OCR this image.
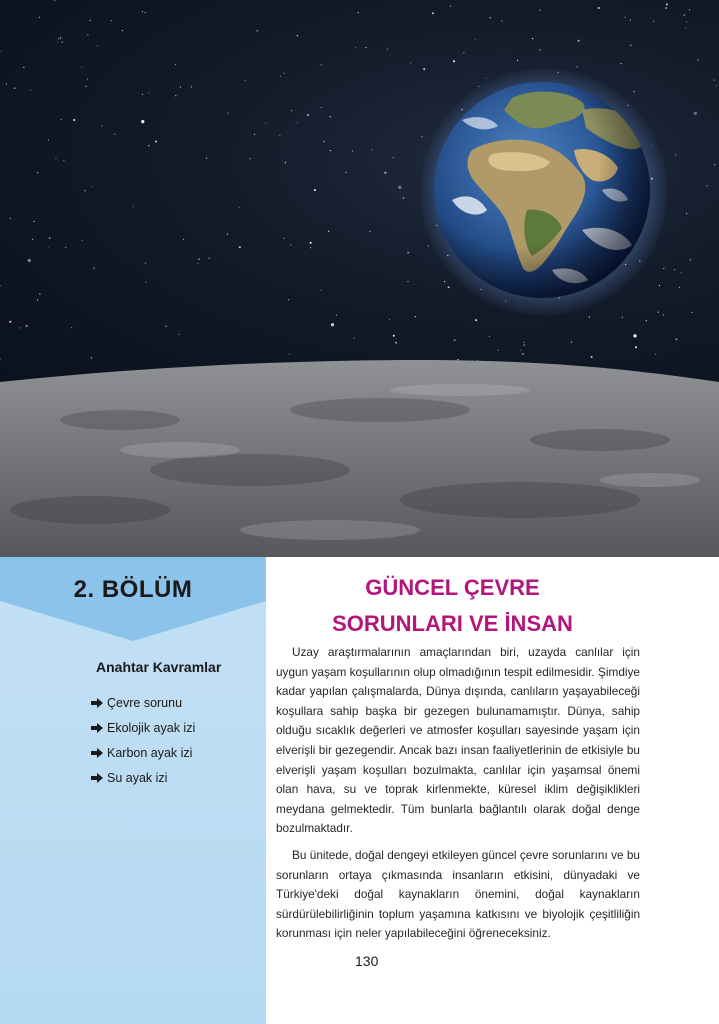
2. BÖLÜM
Anahtar Kavramlar
Çevre sorunu
Ekolojik ayak izi
Karbon ayak izi
Su ayak izi
GÜNCEL ÇEVRE
SORUNLARI VE İNSAN

Uzay araştırmalarının amaçlarından biri, uzayda canlılar için uygun yaşam koşullarının olup olmadığının tespit edilmesidir. Şimdiye kadar yapılan çalışmalarda, Dünya dışında, canlıların yaşayabileceği koşullara sahip başka bir gezegen bulunamamıştır. Dünya, sahip olduğu sıcaklık değerleri ve atmosfer koşulları sayesinde yaşam için elverişli bir gezegendir. Ancak bazı insan faaliyetlerinin de etkisiyle bu elverişli yaşam koşulları bozulmakta, canlılar için yaşamsal önemi olan hava, su ve toprak kirlenmekte, küresel iklim değişiklikleri meydana gelmektedir. Tüm bunlarla bağlantılı olarak doğal denge bozulmaktadır.

Bu ünitede, doğal dengeyi etkileyen güncel çevre sorunlarını ve bu sorunların ortaya çıkmasında insanların etkisini, dünyadaki ve Türkiye'deki doğal kaynakların önemini, doğal kaynakların sürdürülebilirliğinin toplum yaşamına katkısını ve biyolojik çeşitliliğin korunması için neler yapılabileceğini öğreneceksiniz.

130
